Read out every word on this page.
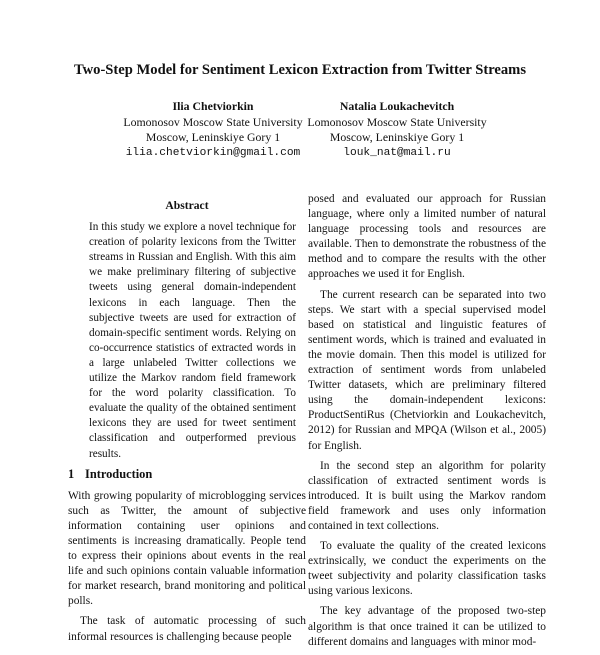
Two-Step Model for Sentiment Lexicon Extraction from Twitter Streams
Ilia Chetviorkin
Lomonosov Moscow State University
Moscow, Leninskiye Gory 1
ilia.chetviorkin@gmail.com
Natalia Loukachevitch
Lomonosov Moscow State University
Moscow, Leninskiye Gory 1
louk_nat@mail.ru
Abstract
In this study we explore a novel technique for creation of polarity lexicons from the Twitter streams in Russian and English. With this aim we make preliminary filtering of subjective tweets using general domain-independent lexicons in each language. Then the subjective tweets are used for extraction of domain-specific sentiment words. Relying on co-occurrence statistics of extracted words in a large unlabeled Twitter collections we utilize the Markov random field framework for the word polarity classification. To evaluate the quality of the obtained sentiment lexicons they are used for tweet sentiment classification and outperformed previous results.
1 Introduction

With growing popularity of microblogging services such as Twitter, the amount of subjective information containing user opinions and sentiments is increasing dramatically. People tend to express their opinions about events in the real life and such opinions contain valuable information for market research, brand monitoring and political polls.

The task of automatic processing of such informal resources is challenging because people

posed and evaluated our approach for Russian language, where only a limited number of natural language processing tools and resources are available. Then to demonstrate the robustness of the method and to compare the results with the other approaches we used it for English.

The current research can be separated into two steps. We start with a special supervised model based on statistical and linguistic features of sentiment words, which is trained and evaluated in the movie domain. Then this model is utilized for extraction of sentiment words from unlabeled Twitter datasets, which are preliminary filtered using the domain-independent lexicons: ProductSentiRus (Chetviorkin and Loukachevitch, 2012) for Russian and MPQA (Wilson et al., 2005) for English.

In the second step an algorithm for polarity classification of extracted sentiment words is introduced. It is built using the Markov random field framework and uses only information contained in text collections.

To evaluate the quality of the created lexicons extrinsically, we conduct the experiments on the tweet subjectivity and polarity classification tasks using various lexicons.

The key advantage of the proposed two-step algorithm is that once trained it can be utilized to different domains and languages with minor mod-
